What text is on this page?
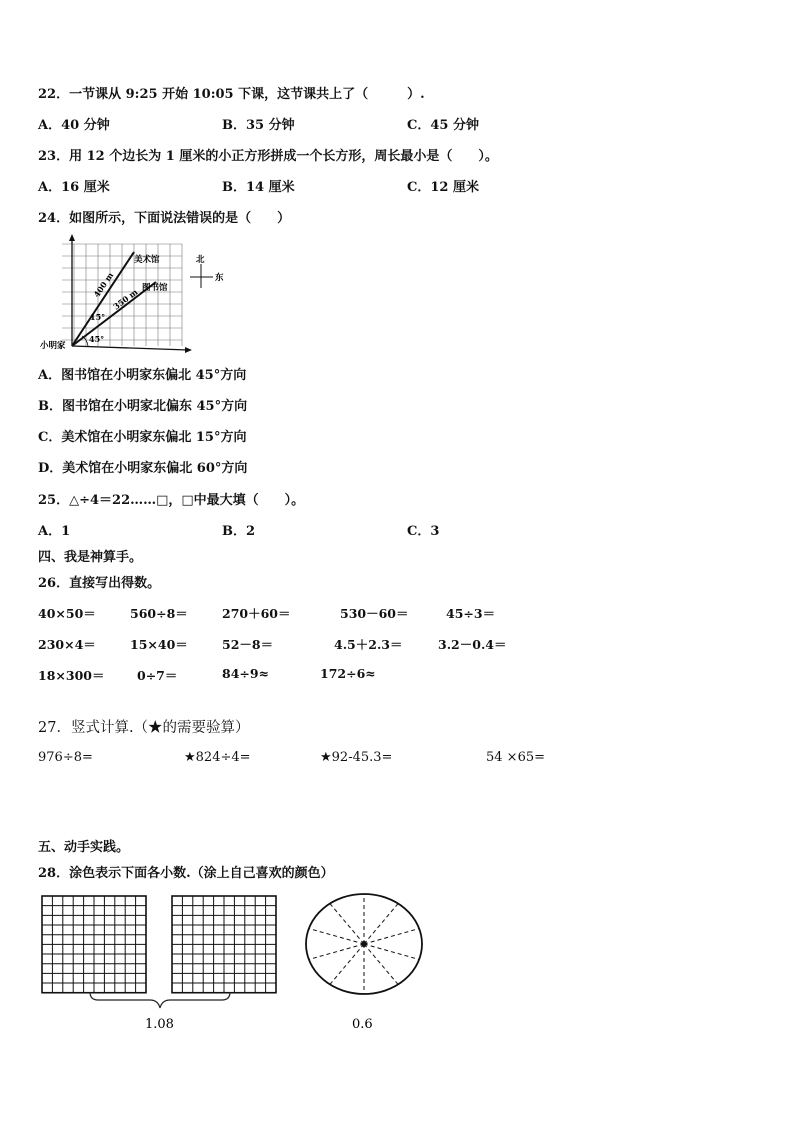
22．一节课从 9:25 开始 10:05 下课，这节课共上了（　　　）.
A．40 分钟	B．35 分钟	C．45 分钟
23．用 12 个边长为 1 厘米的小正方形拼成一个长方形，周长最小是（　　）。
A．16 厘米	B．14 厘米	C．12 厘米
24．如图所示，下面说法错误的是（　　）
美术馆
图书馆
400 m
350 m
15°
45°
小明家
北
东
A．图书馆在小明家东偏北 45°方向
B．图书馆在小明家北偏东 45°方向
C．美术馆在小明家东偏北 15°方向
D．美术馆在小明家东偏北 60°方向
25．△÷4＝22……□，□中最大填（　　）。
A．1	B．2	C．3
四、我是神算手。
26．直接写出得数。
40×50＝	560÷8＝	270＋60＝	530－60＝	45÷3＝
230×4＝	15×40＝	52－8＝	4.5＋2.3＝	3.2－0.4＝
18×300＝	0÷7＝	84÷9≈	172÷6≈
27．竖式计算.（★的需要验算）
976÷8=	★824÷4=	★92-45.3=	54 ×65=
五、动手实践。
28．涂色表示下面各小数.（涂上自己喜欢的颜色）
1.08	0.6
